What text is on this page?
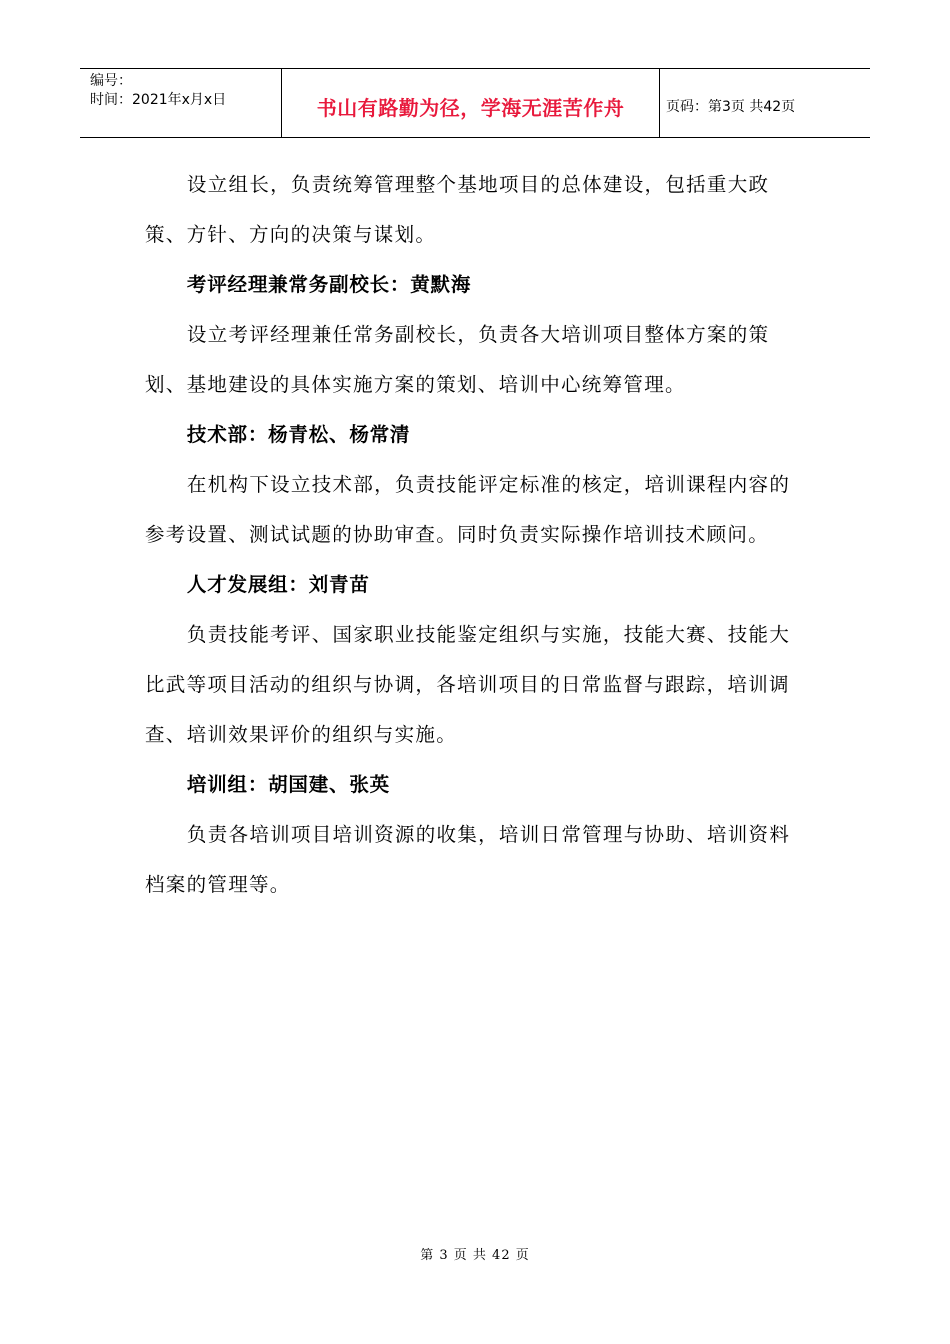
编号：
时间：2021年x月x日	书山有路勤为径，学海无涯苦作舟	页码：第3页 共42页

设立组长，负责统筹管理整个基地项目的总体建设，包括重大政策、方针、方向的决策与谋划。

考评经理兼常务副校长：黄默海

设立考评经理兼任常务副校长，负责各大培训项目整体方案的策划、基地建设的具体实施方案的策划、培训中心统筹管理。

技术部：杨青松、杨常清

在机构下设立技术部，负责技能评定标准的核定，培训课程内容的参考设置、测试试题的协助审查。同时负责实际操作培训技术顾问。

人才发展组：刘青苗

负责技能考评、国家职业技能鉴定组织与实施，技能大赛、技能大比武等项目活动的组织与协调，各培训项目的日常监督与跟踪，培训调查、培训效果评价的组织与实施。

培训组：胡国建、张英

负责各培训项目培训资源的收集，培训日常管理与协助、培训资料档案的管理等。

第 3 页 共 42 页
